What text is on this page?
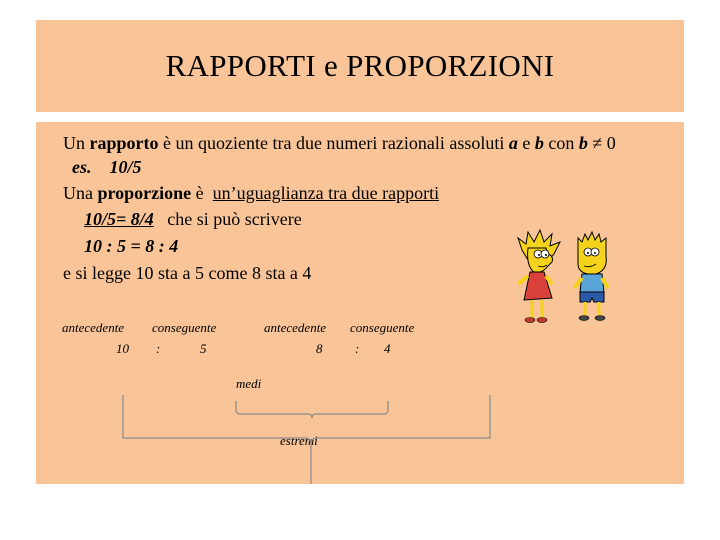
RAPPORTI e PROPORZIONI
Un rapporto è un quoziente tra due numeri razionali assoluti a e b con b ≠ 0
es.    10/5
Una proporzione è  un’uguaglianza tra due rapporti
10/5= 8/4   che si può scrivere
10 : 5 = 8 : 4
e si legge 10 sta a 5 come 8 sta a 4
antecedente conseguente	antecedente conseguente
10 :	5	8	: 4
medi
estremi
